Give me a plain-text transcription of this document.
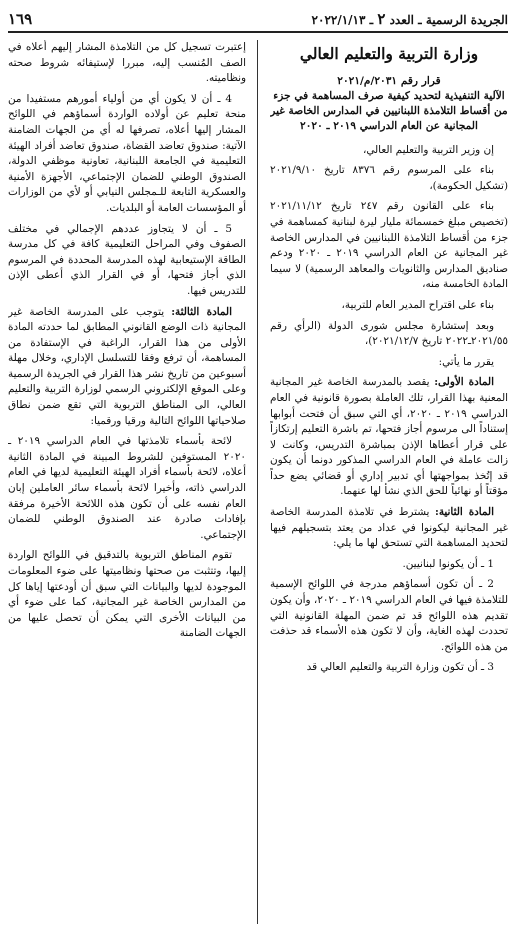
الجريدة الرسمية ـ العدد ٢ ـ ٢٠٢٢/١/١٣
١٦٩
وزارة التربية والتعليم العالي

قرار رقم ٢٠٣١/م/٢٠٢١

الآلية التنفيذية لتحديد كيفية صرف المساهمة في جزء من أقساط التلامذة اللبنانيين في المدارس الخاصة غير المجانية عن العام الدراسي ٢٠١٩ ـ ٢٠٢٠

إن وزير التربية والتعليم العالي،

بناء على المرسوم رقم ٨٣٧٦ تاريخ ٢٠٢١/٩/١٠ (تشكيل الحكومة)،

بناء على القانون رقم ٢٤٧ تاريخ ٢٠٢١/١١/١٢ (تخصيص مبلغ خمسمائة مليار ليرة لبنانية كمساهمة في جزء من أقساط التلامذة اللبنانيين في المدارس الخاصة غير المجانية عن العام الدراسي ٢٠١٩ ـ ٢٠٢٠ ودعم صناديق المدارس والثانويات والمعاهد الرسمية) لا سيما المادة الخامسة منه،

بناء على اقتراح المدير العام للتربية،

وبعد إستشارة مجلس شورى الدولة (الرأي رقم ٢٠٢١/٥٥ـ٢٠٢٢ تاريخ ٢٠٢١/١٢/٧)،

يقرر ما يأتي:

المادة الأولى: يقصد بالمدرسة الخاصة غير المجانية المعنية بهذا القرار، تلك العاملة بصورة قانونية في العام الدراسي ٢٠١٩ ـ ٢٠٢٠، أي التي سبق أن فتحت أبوابها إستناداً الى مرسوم أجاز فتحها، تم باشرة التعليم إرتكازاً على قرار أعطاها الإذن بمباشرة التدريس، وكانت لا زالت عاملة في العام الدراسي المذكور دونما أن يكون قد إتُخذ بمواجهتها أي تدبير إداري أو قضائي يضع حداً مؤقتاً أو نهائياً للحق الذي نشأ لها عنهما.

المادة الثانية: يشترط في تلامذة المدرسة الخاصة غير المجانية ليكونوا في عداد من يعتد بتسجيلهم فيها لتحديد المساهمة التي تستحق لها ما يلي:

1 ـ أن يكونوا لبنانيين.

2 ـ أن تكون أسماؤهم مدرجة في اللوائح الإسمية للتلامذة فيها في العام الدراسي ٢٠١٩ ـ ٢٠٢٠، وأن يكون تقديم هذه اللوائح قد تم ضمن المهلة القانونية التي تحددت لهذه الغاية، وأن لا تكون هذه الأسماء قد حذفت من هذه اللوائح.

3 ـ أن تكون وزارة التربية والتعليم العالي قد

إعتبرت تسجيل كل من التلامذة المشار إليهم أعلاه في الصف المُنسب إليه، مبررا لإستيفائه شروط صحته ونظاميته.

4 ـ أن لا يكون أي من أولياء أمورهم مستفيدا من منحة تعليم عن أولاده الواردة أسماؤهم في اللوائح المشار إليها أعلاه، تصرفها له أي من الجهات الضامنة الآتية: صندوق تعاضد القضاة، صندوق تعاضد أفراد الهيئة التعليمية في الجامعة اللبنانية، تعاونية موظفي الدولة، الصندوق الوطني للضمان الإجتماعي، الأجهزة الأمنية والعسكرية التابعة للـمجلس النيابي أو لأي من الوزارات أو المؤسسات العامة أو البلديات.

5 ـ أن لا يتجاوز عددهم الإجمالي في مختلف الصفوف وفي المراحل التعليمية كافة في كل مدرسة الطاقة الإستيعابية لهذه المدرسة المحددة في المرسوم الذي أجاز فتحها، أو في القرار الذي أعطى الإذن للتدريس فيها.

المادة الثالثة: يتوجب على المدرسة الخاصة غير المجانية ذات الوضع القانوني المطابق لما حددته المادة الأولى من هذا القرار، الراغبة في الإستفادة من المساهمة، أن ترفع وفقا للتسلسل الإداري، وخلال مهلة أسبوعين من تاريخ نشر هذا القرار في الجريدة الرسمية وعلى الموقع الإلكتروني الرسمي لوزارة التربية والتعليم العالي، الى المناطق التربوية التي تقع ضمن نطاق صلاحياتها اللوائح التالية ورقيا ورقميا:

لائحة بأسماء تلامذتها في العام الدراسي ٢٠١٩ ـ ٢٠٢٠ المستوفين للشروط المبينة في المادة الثانية أعلاه، لائحة بأسماء أفراد الهيئة التعليمية لديها في العام الدراسي ذاته، وأخيرا لائحة بأسماء سائر العاملين إبان العام نفسه على أن تكون هذه اللائحة الأخيرة مرفقة بإفادات صادرة عند الصندوق الوطني للضمان الإجتماعي.

تقوم المناطق التربوية بالتدقيق في اللوائح الواردة إليها، وتتثبت من صحتها ونظاميتها على ضوء المعلومات الموجودة لديها والبيانات التي سبق أن أودعتها إياها كل من المدارس الخاصة غير المجانية، كما على ضوء أي من البيانات الأخرى التي يمكن أن تحصل عليها من الجهات الضامنة
